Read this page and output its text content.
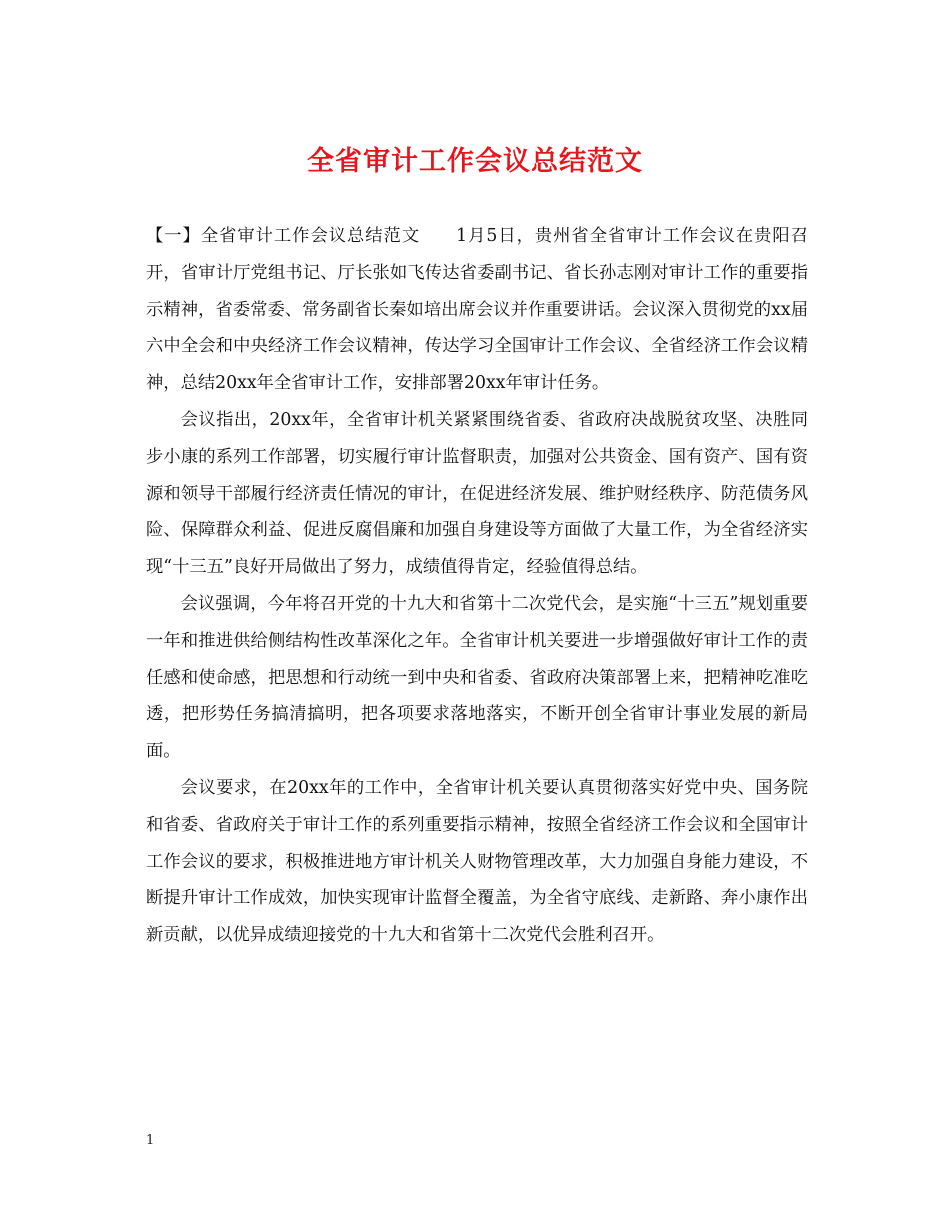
全省审计工作会议总结范文

【一】全省审计工作会议总结范文 1月5日，贵州省全省审计工作会议在贵阳召开，省审计厅党组书记、厅长张如飞传达省委副书记、省长孙志刚对审计工作的重要指示精神，省委常委、常务副省长秦如培出席会议并作重要讲话。会议深入贯彻党的xx届六中全会和中央经济工作会议精神，传达学习全国审计工作会议、全省经济工作会议精神，总结20xx年全省审计工作，安排部署20xx年审计任务。

会议指出，20xx年，全省审计机关紧紧围绕省委、省政府决战脱贫攻坚、决胜同步小康的系列工作部署，切实履行审计监督职责，加强对公共资金、国有资产、国有资源和领导干部履行经济责任情况的审计，在促进经济发展、维护财经秩序、防范债务风险、保障群众利益、促进反腐倡廉和加强自身建设等方面做了大量工作，为全省经济实现“十三五”良好开局做出了努力，成绩值得肯定，经验值得总结。

会议强调，今年将召开党的十九大和省第十二次党代会，是实施“十三五”规划重要一年和推进供给侧结构性改革深化之年。全省审计机关要进一步增强做好审计工作的责任感和使命感，把思想和行动统一到中央和省委、省政府决策部署上来，把精神吃准吃透，把形势任务搞清搞明，把各项要求落地落实，不断开创全省审计事业发展的新局面。

会议要求，在20xx年的工作中，全省审计机关要认真贯彻落实好党中央、国务院和省委、省政府关于审计工作的系列重要指示精神，按照全省经济工作会议和全国审计工作会议的要求，积极推进地方审计机关人财物管理改革，大力加强自身能力建设，不断提升审计工作成效，加快实现审计监督全覆盖，为全省守底线、走新路、奔小康作出新贡献，以优异成绩迎接党的十九大和省第十二次党代会胜利召开。

1
